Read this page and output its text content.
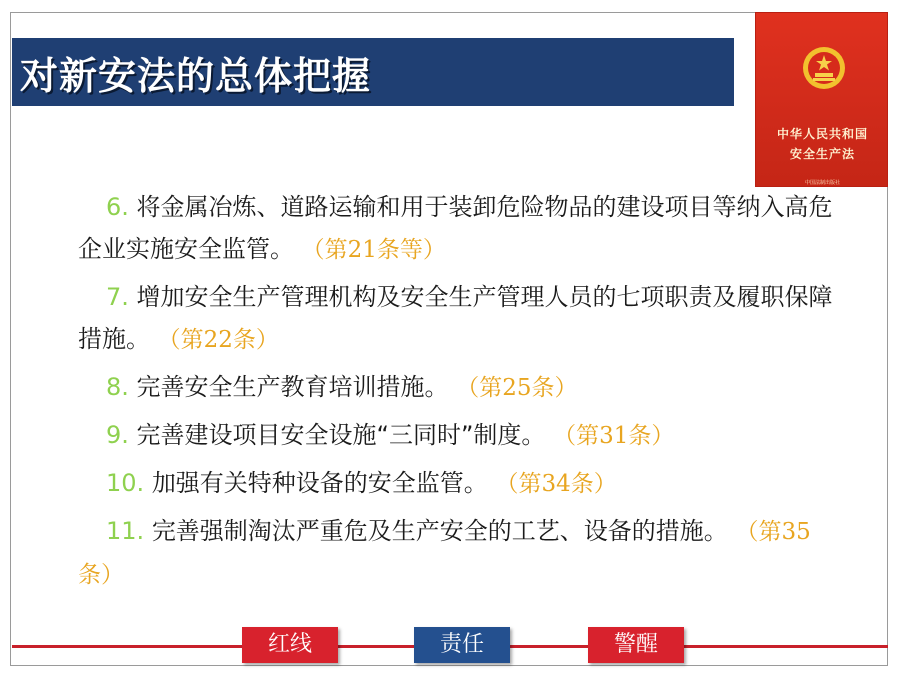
对新安法的总体把握
中华人民共和国
安全生产法
中国法制出版社
6. 将金属冶炼、道路运输和用于装卸危险物品的建设项目等纳入高危企业实施安全监管。 （第21条等）
7. 增加安全生产管理机构及安全生产管理人员的七项职责及履职保障措施。 （第22条）
8. 完善安全生产教育培训措施。 （第25条）
9. 完善建设项目安全设施“三同时”制度。 （第31条）
10. 加强有关特种设备的安全监管。 （第34条）
11. 完善强制淘汰严重危及生产安全的工艺、设备的措施。 （第35条）
红线	责任	警醒
